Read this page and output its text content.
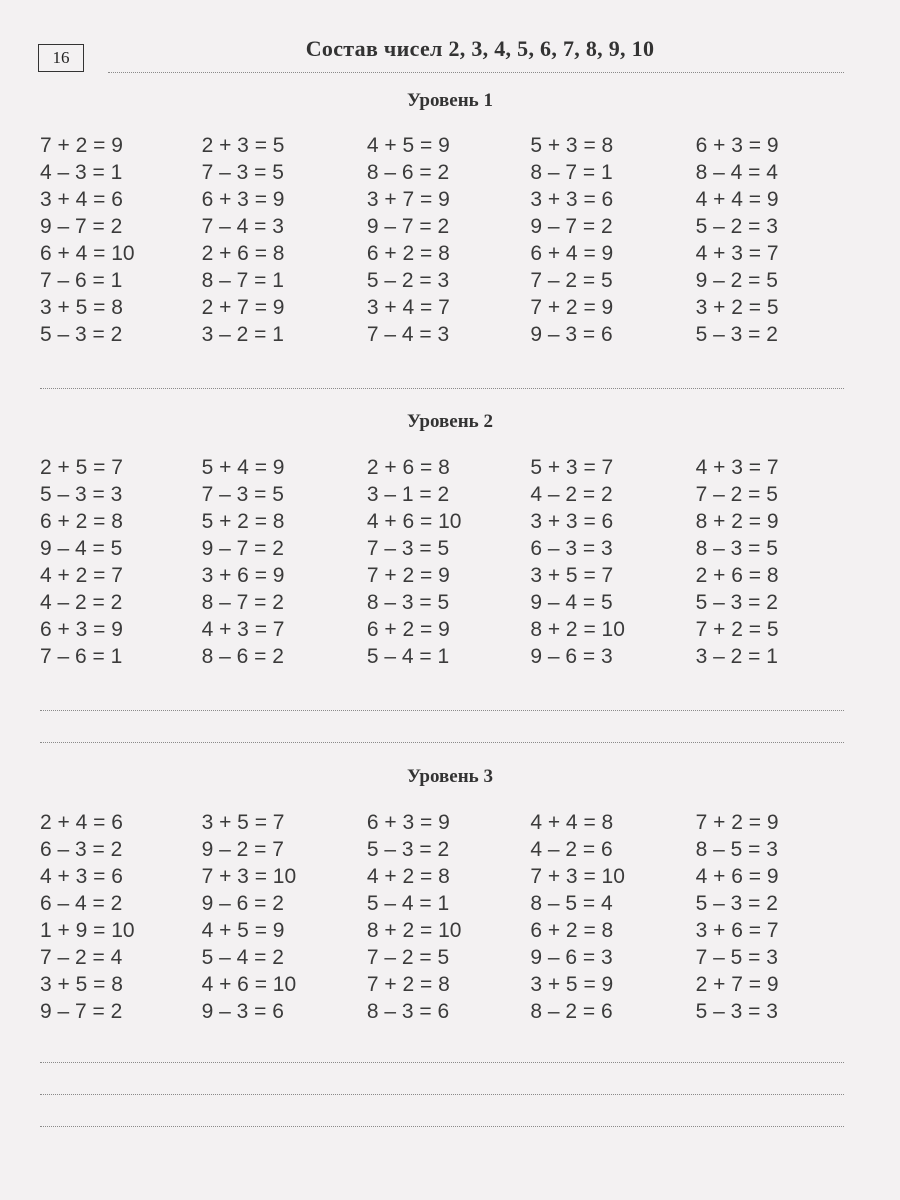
16	Состав чисел 2, 3, 4, 5, 6, 7, 8, 9, 10
Уровень 1
7 + 2 = 9
4 – 3 = 1
3 + 4 = 6
9 – 7 = 2
6 + 4 = 10
7 – 6 = 1
3 + 5 = 8
5 – 3 = 2
2 + 3 = 5
7 – 3 = 5
6 + 3 = 9
7 – 4 = 3
2 + 6 = 8
8 – 7 = 1
2 + 7 = 9
3 – 2 = 1
4 + 5 = 9
8 – 6 = 2
3 + 7 = 9
9 – 7 = 2
6 + 2 = 8
5 – 2 = 3
3 + 4 = 7
7 – 4 = 3
5 + 3 = 8
8 – 7 = 1
3 + 3 = 6
9 – 7 = 2
6 + 4 = 9
7 – 2 = 5
7 + 2 = 9
9 – 3 = 6
6 + 3 = 9
8 – 4 = 4
4 + 4 = 9
5 – 2 = 3
4 + 3 = 7
9 – 2 = 5
3 + 2 = 5
5 – 3 = 2
Уровень 2
2 + 5 = 7
5 – 3 = 3
6 + 2 = 8
9 – 4 = 5
4 + 2 = 7
4 – 2 = 2
6 + 3 = 9
7 – 6 = 1
5 + 4 = 9
7 – 3 = 5
5 + 2 = 8
9 – 7 = 2
3 + 6 = 9
8 – 7 = 2
4 + 3 = 7
8 – 6 = 2
2 + 6 = 8
3 – 1 = 2
4 + 6 = 10
7 – 3 = 5
7 + 2 = 9
8 – 3 = 5
6 + 2 = 9
5 – 4 = 1
5 + 3 = 7
4 – 2 = 2
3 + 3 = 6
6 – 3 = 3
3 + 5 = 7
9 – 4 = 5
8 + 2 = 10
9 – 6 = 3
4 + 3 = 7
7 – 2 = 5
8 + 2 = 9
8 – 3 = 5
2 + 6 = 8
5 – 3 = 2
7 + 2 = 5
3 – 2 = 1
Уровень 3
2 + 4 = 6
6 – 3 = 2
4 + 3 = 6
6 – 4 = 2
1 + 9 = 10
7 – 2 = 4
3 + 5 = 8
9 – 7 = 2
3 + 5 = 7
9 – 2 = 7
7 + 3 = 10
9 – 6 = 2
4 + 5 = 9
5 – 4 = 2
4 + 6 = 10
9 – 3 = 6
6 + 3 = 9
5 – 3 = 2
4 + 2 = 8
5 – 4 = 1
8 + 2 = 10
7 – 2 = 5
7 + 2 = 8
8 – 3 = 6
4 + 4 = 8
4 – 2 = 6
7 + 3 = 10
8 – 5 = 4
6 + 2 = 8
9 – 6 = 3
3 + 5 = 9
8 – 2 = 6
7 + 2 = 9
8 – 5 = 3
4 + 6 = 9
5 – 3 = 2
3 + 6 = 7
7 – 5 = 3
2 + 7 = 9
5 – 3 = 3
